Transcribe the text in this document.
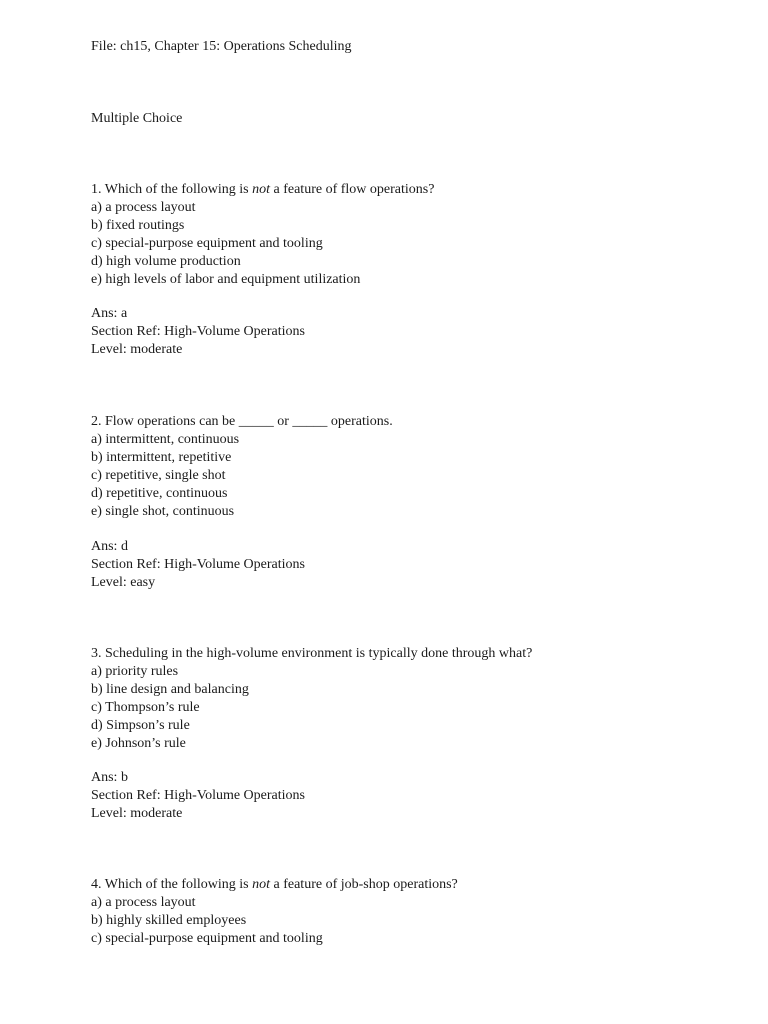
File: ch15, Chapter 15: Operations Scheduling
Multiple Choice
1. Which of the following is not a feature of flow operations?
a) a process layout
b) fixed routings
c) special-purpose equipment and tooling
d) high volume production
e) high levels of labor and equipment utilization
Ans: a
Section Ref: High-Volume Operations
Level: moderate
2. Flow operations can be _____ or _____ operations.
a) intermittent, continuous
b) intermittent, repetitive
c) repetitive, single shot
d) repetitive, continuous
e) single shot, continuous
Ans: d
Section Ref: High-Volume Operations
Level: easy
3. Scheduling in the high-volume environment is typically done through what?
a) priority rules
b) line design and balancing
c) Thompson’s rule
d) Simpson’s rule
e) Johnson’s rule
Ans: b
Section Ref: High-Volume Operations
Level: moderate
4. Which of the following is not a feature of job-shop operations?
a) a process layout
b) highly skilled employees
c) special-purpose equipment and tooling
